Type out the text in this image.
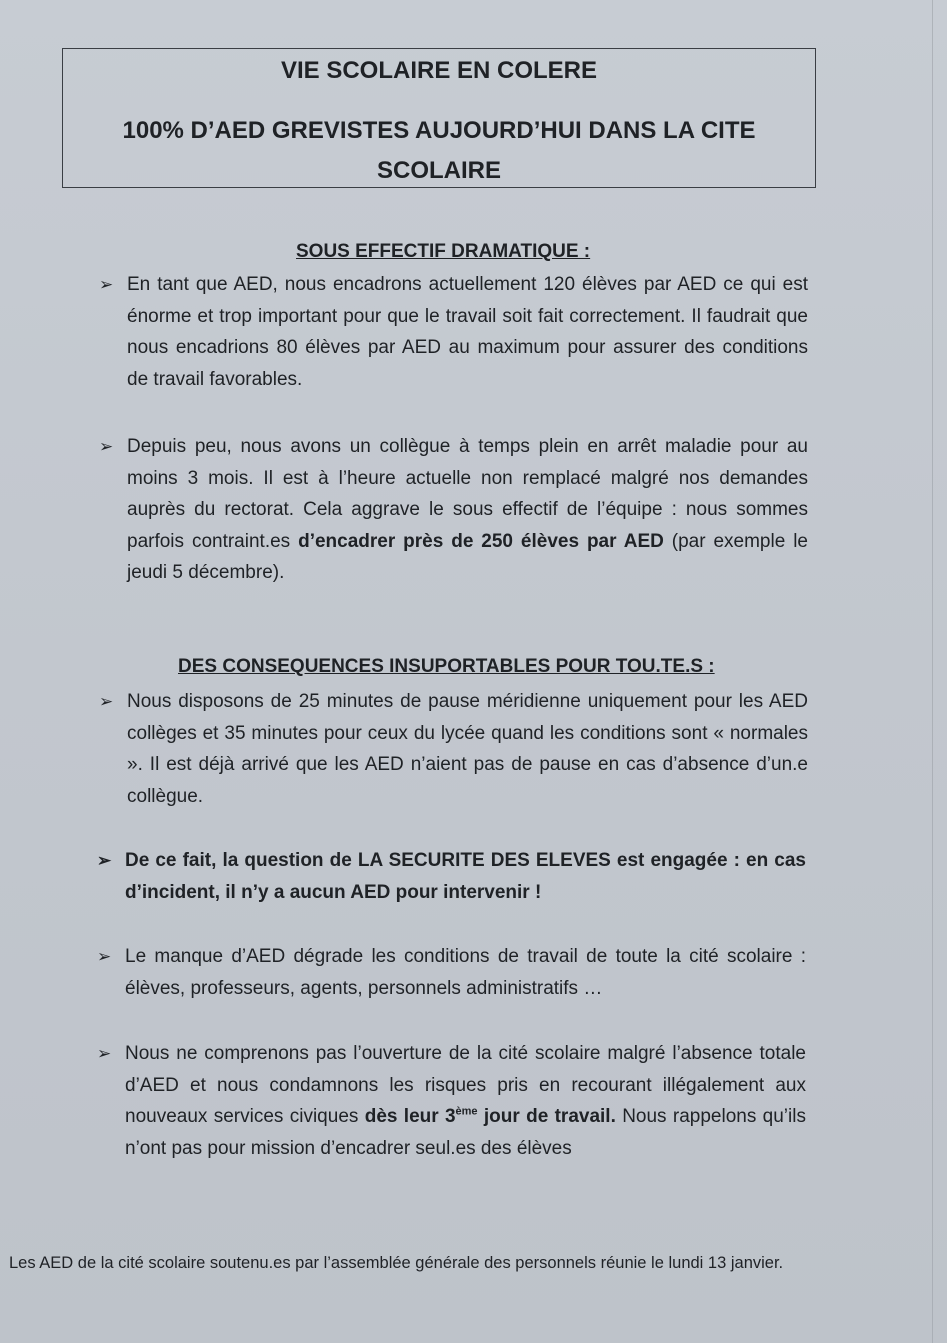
VIE SCOLAIRE EN COLERE
100% D’AED GREVISTES AUJOURD’HUI DANS LA CITE SCOLAIRE
SOUS EFFECTIF DRAMATIQUE :
➢ En tant que AED, nous encadrons actuellement 120 élèves par AED ce qui est énorme et trop important pour que le travail soit fait correctement. Il faudrait que nous encadrions 80 élèves par AED au maximum pour assurer des conditions de travail favorables.
➢ Depuis peu, nous avons un collègue à temps plein en arrêt maladie pour au moins 3 mois. Il est à l’heure actuelle non remplacé malgré nos demandes auprès du rectorat. Cela aggrave le sous effectif de l’équipe : nous sommes parfois contraint.es d’encadrer près de 250 élèves par AED (par exemple le jeudi 5 décembre).
DES CONSEQUENCES INSUPORTABLES POUR TOU.TE.S :
➢ Nous disposons de 25 minutes de pause méridienne uniquement pour les AED collèges et 35 minutes pour ceux du lycée quand les conditions sont « normales ». Il est déjà arrivé que les AED n’aient pas de pause en cas d’absence d’un.e collègue.
➢ De ce fait, la question de LA SECURITE DES ELEVES est engagée : en cas d’incident, il n’y a aucun AED pour intervenir !
➢ Le manque d’AED dégrade les conditions de travail de toute la cité scolaire : élèves, professeurs, agents, personnels administratifs …
➢ Nous ne comprenons pas l’ouverture de la cité scolaire malgré l’absence totale d’AED et nous condamnons les risques pris en recourant illégalement aux nouveaux services civiques dès leur 3ème jour de travail. Nous rappelons qu’ils n’ont pas pour mission d’encadrer seul.es des élèves
Les AED de la cité scolaire soutenu.es par l’assemblée générale des personnels réunie le lundi 13 janvier.
